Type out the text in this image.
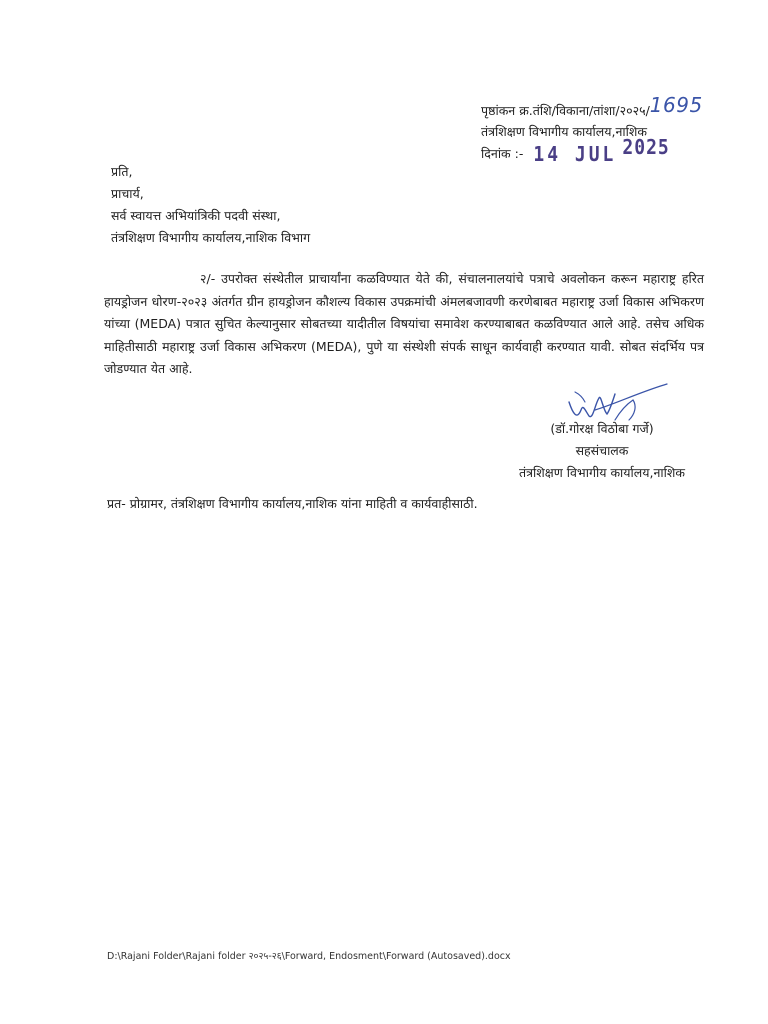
पृष्ठांकन क्र.तंशि/विकाना/तांशा/२०२५/1695
तंत्रशिक्षण विभागीय कार्यालय,नाशिक
दिनांक :- 14 JUL 2025
प्रति,
प्राचार्य,
सर्व स्वायत्त अभियांत्रिकी पदवी संस्था,
तंत्रशिक्षण विभागीय कार्यालय,नाशिक विभाग
२/- उपरोक्त संस्थेतील प्राचार्यांना कळविण्यात येते की, संचालनालयांचे पत्राचे अवलोकन करून महाराष्ट्र हरित हायड्रोजन धोरण-२०२३ अंतर्गत ग्रीन हायड्रोजन कौशल्य विकास उपक्रमांची अंमलबजावणी करणेबाबत महाराष्ट्र उर्जा विकास अभिकरण यांच्या (MEDA) पत्रात सुचित केल्यानुसार सोबतच्या यादीतील विषयांचा समावेश करण्याबाबत कळविण्यात आले आहे. तसेच अधिक माहितीसाठी महाराष्ट्र उर्जा विकास अभिकरण (MEDA), पुणे या संस्थेशी संपर्क साधून कार्यवाही करण्यात यावी. सोबत संदर्भिय पत्र जोडण्यात येत आहे.
(डॉ.गोरक्ष विठोबा गर्जे)
सहसंचालक
तंत्रशिक्षण विभागीय कार्यालय,नाशिक
प्रत- प्रोग्रामर, तंत्रशिक्षण विभागीय कार्यालय,नाशिक यांना माहिती व कार्यवाहीसाठी.
D:\Rajani Folder\Rajani folder २०२५-२६\Forward, Endosment\Forward (Autosaved).docx
